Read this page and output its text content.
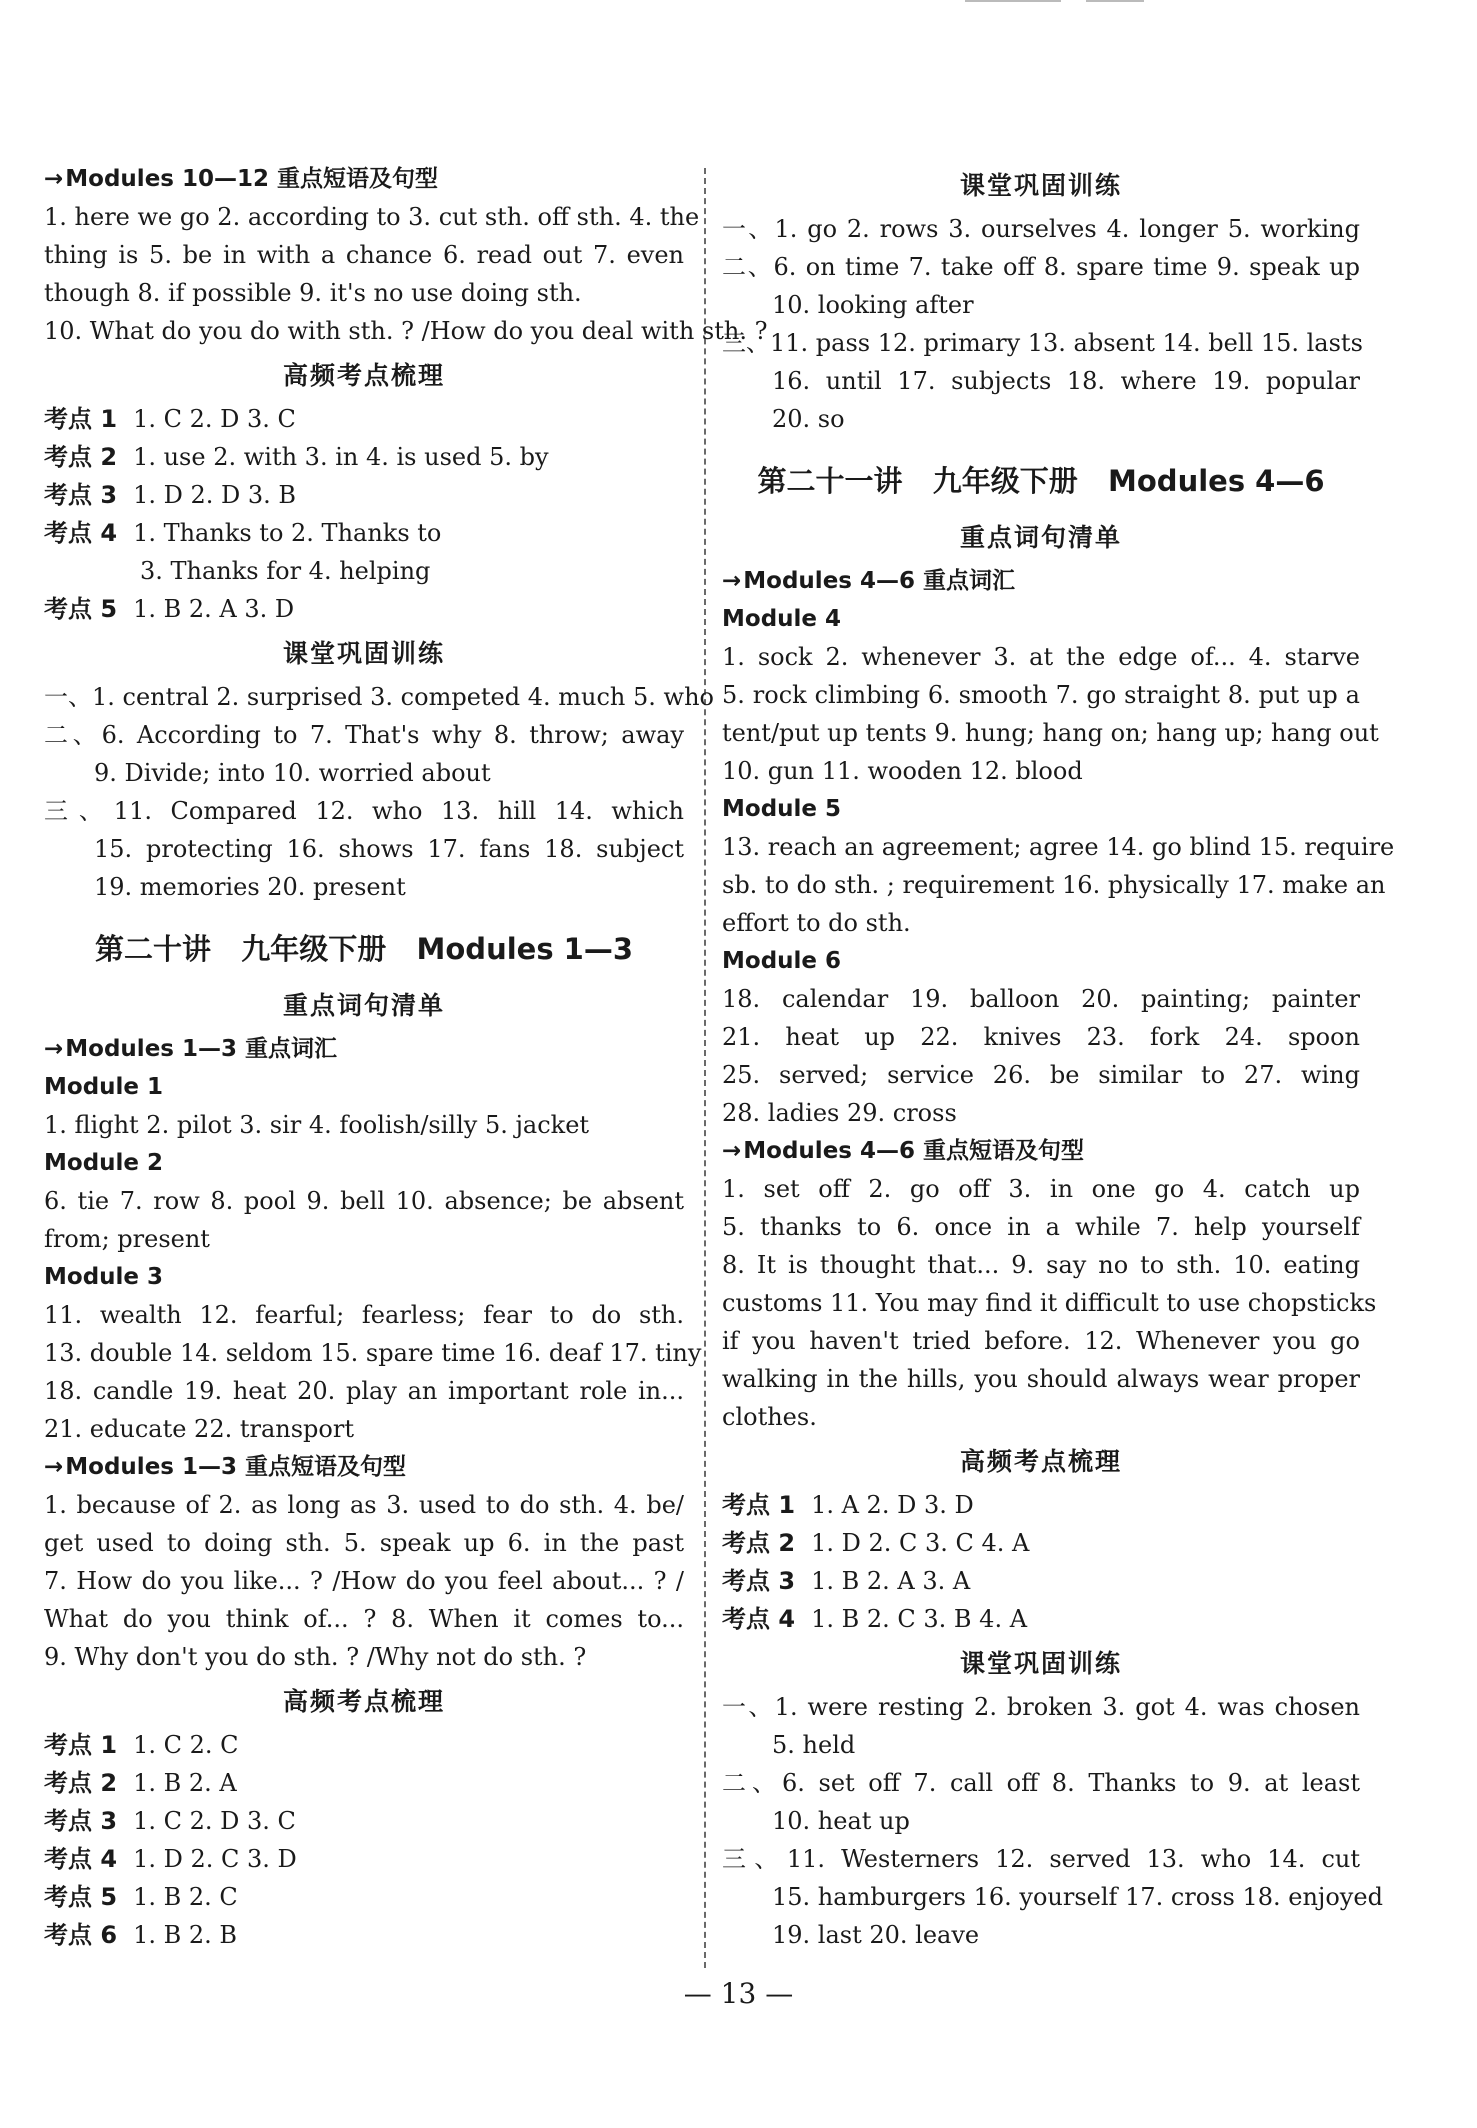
→Modules 10—12 重点短语及句型
1. here we go 2. according to 3. cut sth. off sth. 4. the
thing is 5. be in with a chance 6. read out 7. even
though 8. if possible 9. it's no use doing sth.
10. What do you do with sth. ? /How do you deal with sth. ?
高频考点梳理
考点 1 1. C 2. D 3. C
考点 2 1. use 2. with 3. in 4. is used 5. by
考点 3 1. D 2. D 3. B
考点 4 1. Thanks to 2. Thanks to
3. Thanks for 4. helping
考点 5 1. B 2. A 3. D
课堂巩固训练
一、1. central 2. surprised 3. competed 4. much 5. who
二、6. According to 7. That's why 8. throw; away
9. Divide; into 10. worried about
三、11. Compared 12. who 13. hill 14. which
15. protecting 16. shows 17. fans 18. subject
19. memories 20. present
第二十讲   九年级下册   Modules 1—3
重点词句清单
→Modules 1—3 重点词汇
Module 1
1. flight 2. pilot 3. sir 4. foolish/silly 5. jacket
Module 2
6. tie 7. row 8. pool 9. bell 10. absence; be absent
from; present
Module 3
11. wealth 12. fearful; fearless; fear to do sth.
13. double 14. seldom 15. spare time 16. deaf 17. tiny
18. candle 19. heat 20. play an important role in...
21. educate 22. transport
→Modules 1—3 重点短语及句型
1. because of 2. as long as 3. used to do sth. 4. be/
get used to doing sth. 5. speak up 6. in the past
7. How do you like... ? /How do you feel about... ? /
What do you think of... ? 8. When it comes to...
9. Why don't you do sth. ? /Why not do sth. ?
高频考点梳理
考点 1 1. C 2. C
考点 2 1. B 2. A
考点 3 1. C 2. D 3. C
考点 4 1. D 2. C 3. D
考点 5 1. B 2. C
考点 6 1. B 2. B
课堂巩固训练
一、1. go 2. rows 3. ourselves 4. longer 5. working
二、6. on time 7. take off 8. spare time 9. speak up
10. looking after
三、11. pass 12. primary 13. absent 14. bell 15. lasts
16. until 17. subjects 18. where 19. popular
20. so
第二十一讲   九年级下册   Modules 4—6
重点词句清单
→Modules 4—6 重点词汇
Module 4
1. sock 2. whenever 3. at the edge of... 4. starve
5. rock climbing 6. smooth 7. go straight 8. put up a
tent/put up tents 9. hung; hang on; hang up; hang out
10. gun 11. wooden 12. blood
Module 5
13. reach an agreement; agree 14. go blind 15. require
sb. to do sth. ; requirement 16. physically 17. make an
effort to do sth.
Module 6
18. calendar 19. balloon 20. painting; painter
21. heat up 22. knives 23. fork 24. spoon
25. served; service 26. be similar to 27. wing
28. ladies 29. cross
→Modules 4—6 重点短语及句型
1. set off 2. go off 3. in one go 4. catch up
5. thanks to 6. once in a while 7. help yourself
8. It is thought that... 9. say no to sth. 10. eating
customs 11. You may find it difficult to use chopsticks
if you haven't tried before. 12. Whenever you go
walking in the hills, you should always wear proper
clothes.
高频考点梳理
考点 1 1. A 2. D 3. D
考点 2 1. D 2. C 3. C 4. A
考点 3 1. B 2. A 3. A
考点 4 1. B 2. C 3. B 4. A
课堂巩固训练
一、1. were resting 2. broken 3. got 4. was chosen
5. held
二、6. set off 7. call off 8. Thanks to 9. at least
10. heat up
三、11. Westerners 12. served 13. who 14. cut
15. hamburgers 16. yourself 17. cross 18. enjoyed
19. last 20. leave
— 13 —
